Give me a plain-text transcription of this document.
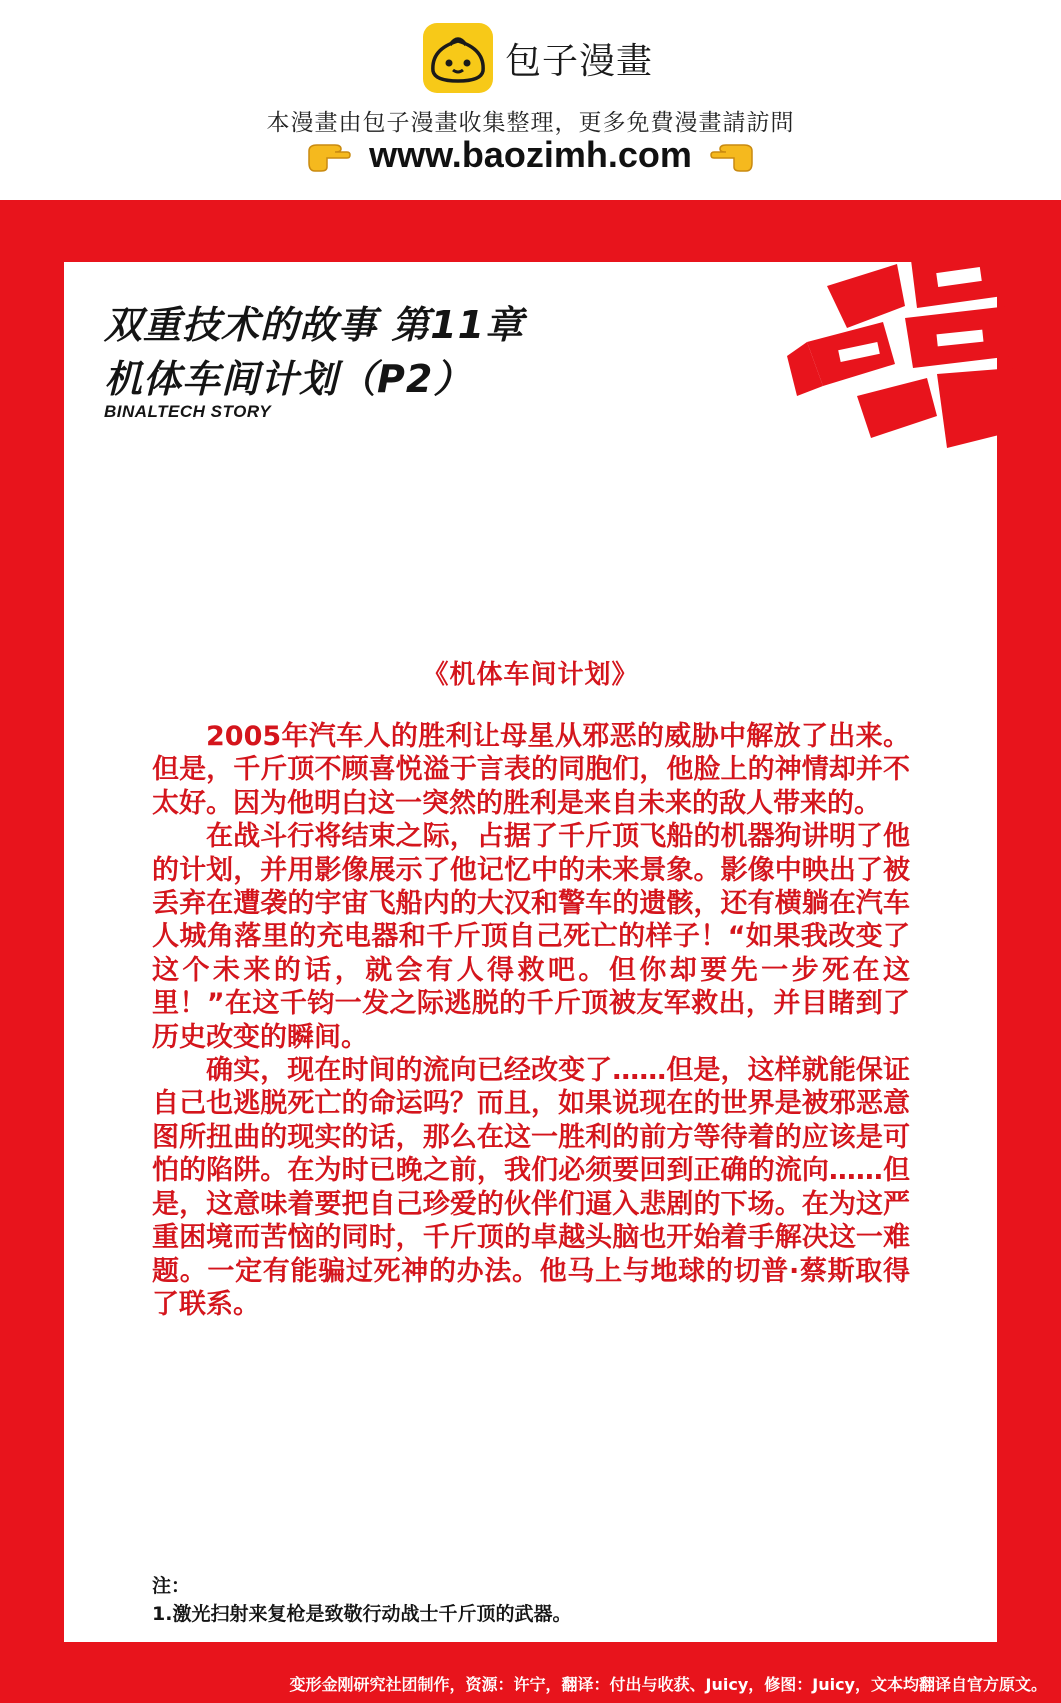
包子漫畫
本漫畫由包子漫畫收集整理，更多免費漫畫請訪問
www.baozimh.com
双重技术的故事 第11章
机体车间计划（P2）
BINALTECH STORY
《机体车间计划》

2005年汽车人的胜利让母星从邪恶的威胁中解放了出来。但是，千斤顶不顾喜悦溢于言表的同胞们，他脸上的神情却并不太好。因为他明白这一突然的胜利是来自未来的敌人带来的。

在战斗行将结束之际，占据了千斤顶飞船的机器狗讲明了他的计划，并用影像展示了他记忆中的未来景象。影像中映出了被丢弃在遭袭的宇宙飞船内的大汉和警车的遗骸，还有横躺在汽车人城角落里的充电器和千斤顶自己死亡的样子！“如果我改变了这个未来的话，就会有人得救吧。但你却要先一步死在这里！”在这千钧一发之际逃脱的千斤顶被友军救出，并目睹到了历史改变的瞬间。

确实，现在时间的流向已经改变了……但是，这样就能保证自己也逃脱死亡的命运吗？而且，如果说现在的世界是被邪恶意图所扭曲的现实的话，那么在这一胜利的前方等待着的应该是可怕的陷阱。在为时已晚之前，我们必须要回到正确的流向……但是，这意味着要把自己珍爱的伙伴们逼入悲剧的下场。在为这严重困境而苦恼的同时，千斤顶的卓越头脑也开始着手解决这一难题。一定有能骗过死神的办法。他马上与地球的切普·蔡斯取得了联系。

注：
1.激光扫射来复枪是致敬行动战士千斤顶的武器。
变形金刚研究社团制作，资源：许宁，翻译：付出与收获、Juicy，修图：Juicy，文本均翻译自官方原文。
